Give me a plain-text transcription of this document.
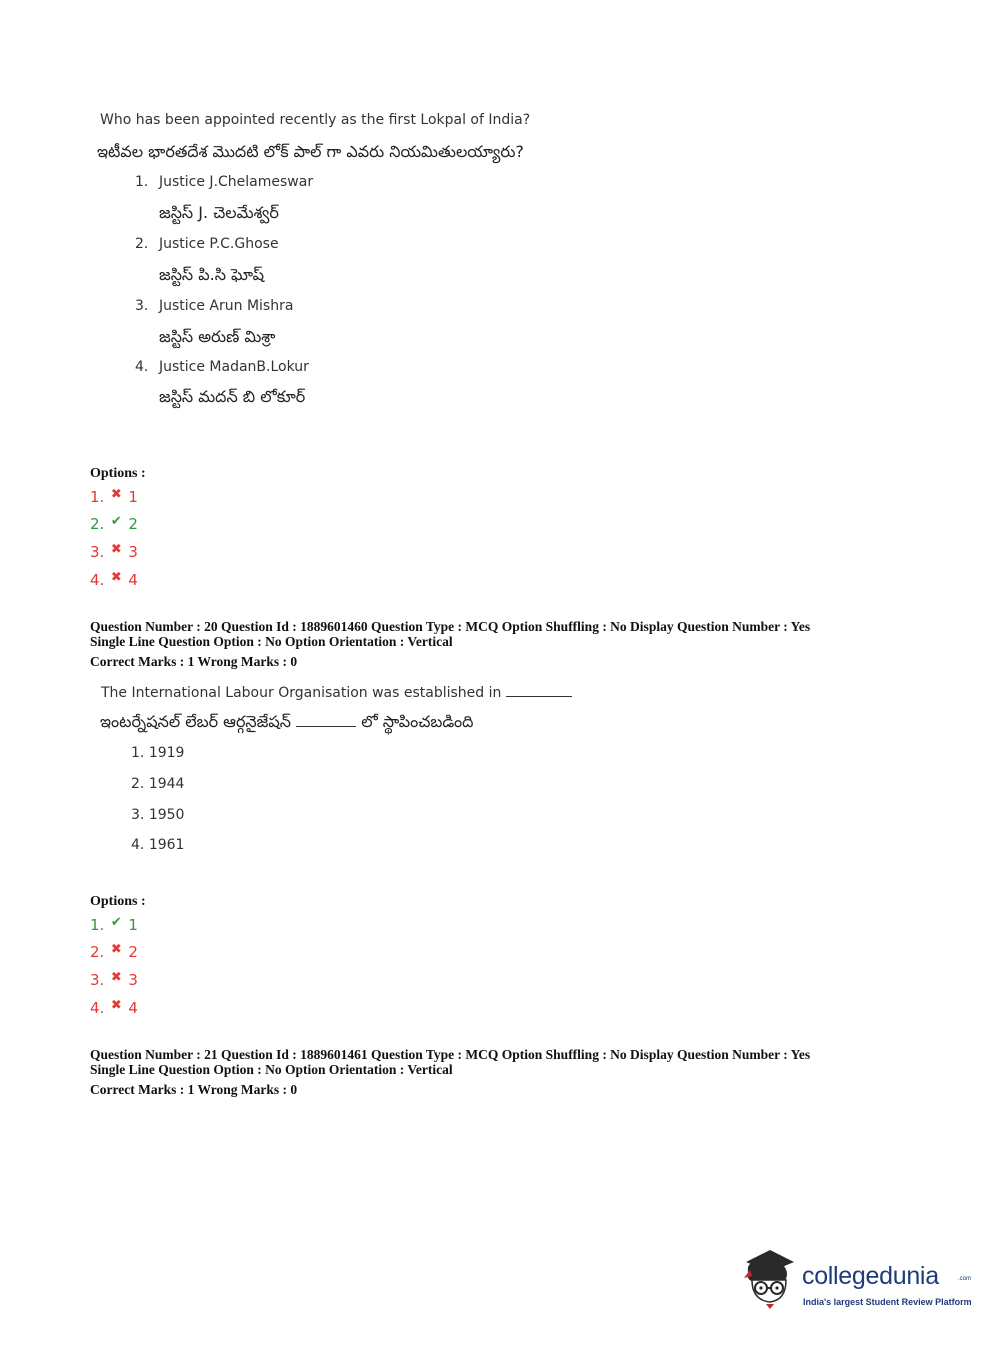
Who has been appointed recently as the first Lokpal of India?
ఇటీవల భారతదేశ మొదటి లోక్ పాల్ గా ఎవరు నియమితులయ్యారు?
1. Justice J.Chelameswar
జస్టిస్ J. చెలమేశ్వర్
2. Justice P.C.Ghose
జస్టిస్ పి.సి ఘోష్
3. Justice Arun Mishra
జస్టిస్ అరుణ్ మిశ్రా
4. Justice MadanB.Lokur
జస్టిస్ మదన్ బి లోకూర్
Options :
1. ✖ 1
2. ✔ 2
3. ✖ 3
4. ✖ 4
Question Number : 20 Question Id : 1889601460 Question Type : MCQ Option Shuffling : No Display Question Number : Yes
Single Line Question Option : No Option Orientation : Vertical
Correct Marks : 1 Wrong Marks : 0
The International Labour Organisation was established in
ఇంటర్నేషనల్ లేబర్ ఆర్గనైజేషన్	లో స్థాపించబడింది
1. 1919
2. 1944
3. 1950
4. 1961
Options :
1. ✔ 1
2. ✖ 2
3. ✖ 3
4. ✖ 4
Question Number : 21 Question Id : 1889601461 Question Type : MCQ Option Shuffling : No Display Question Number : Yes
Single Line Question Option : No Option Orientation : Vertical
Correct Marks : 1 Wrong Marks : 0
collegedunia	.com
India's largest Student Review Platform
